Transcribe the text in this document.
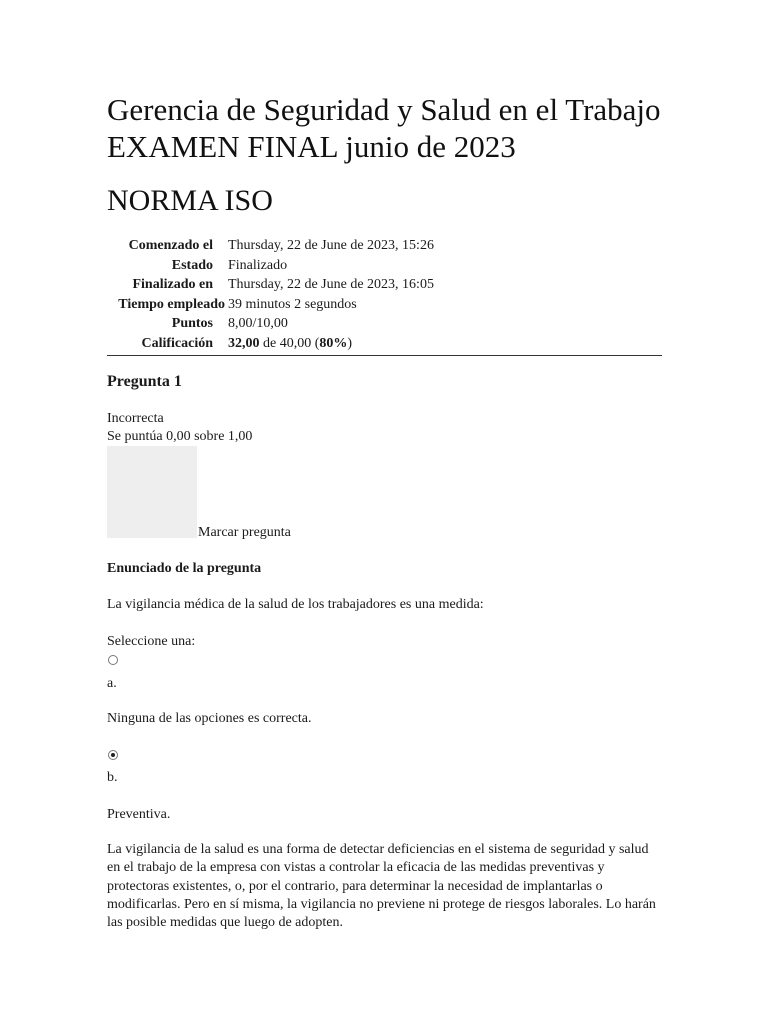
Gerencia de Seguridad y Salud en el Trabajo EXAMEN FINAL junio de 2023
NORMA ISO
Comenzado el	Thursday, 22 de June de 2023, 15:26
Estado	Finalizado
Finalizado en	Thursday, 22 de June de 2023, 16:05
Tiempo empleado 39 minutos 2 segundos
Puntos	8,00/10,00
Calificación	32,00 de 40,00 (80%)
Pregunta 1
Incorrecta
Se puntúa 0,00 sobre 1,00
Marcar pregunta
Enunciado de la pregunta
La vigilancia médica de la salud de los trabajadores es una medida:
Seleccione una:
a.
Ninguna de las opciones es correcta.
b.
Preventiva.

La vigilancia de la salud es una forma de detectar deficiencias en el sistema de seguridad y salud en el trabajo de la empresa con vistas a controlar la eficacia de las medidas preventivas y protectoras existentes, o, por el contrario, para determinar la necesidad de implantarlas o modificarlas. Pero en sí misma, la vigilancia no previene ni protege de riesgos laborales. Lo harán las posible medidas que luego de adopten.
